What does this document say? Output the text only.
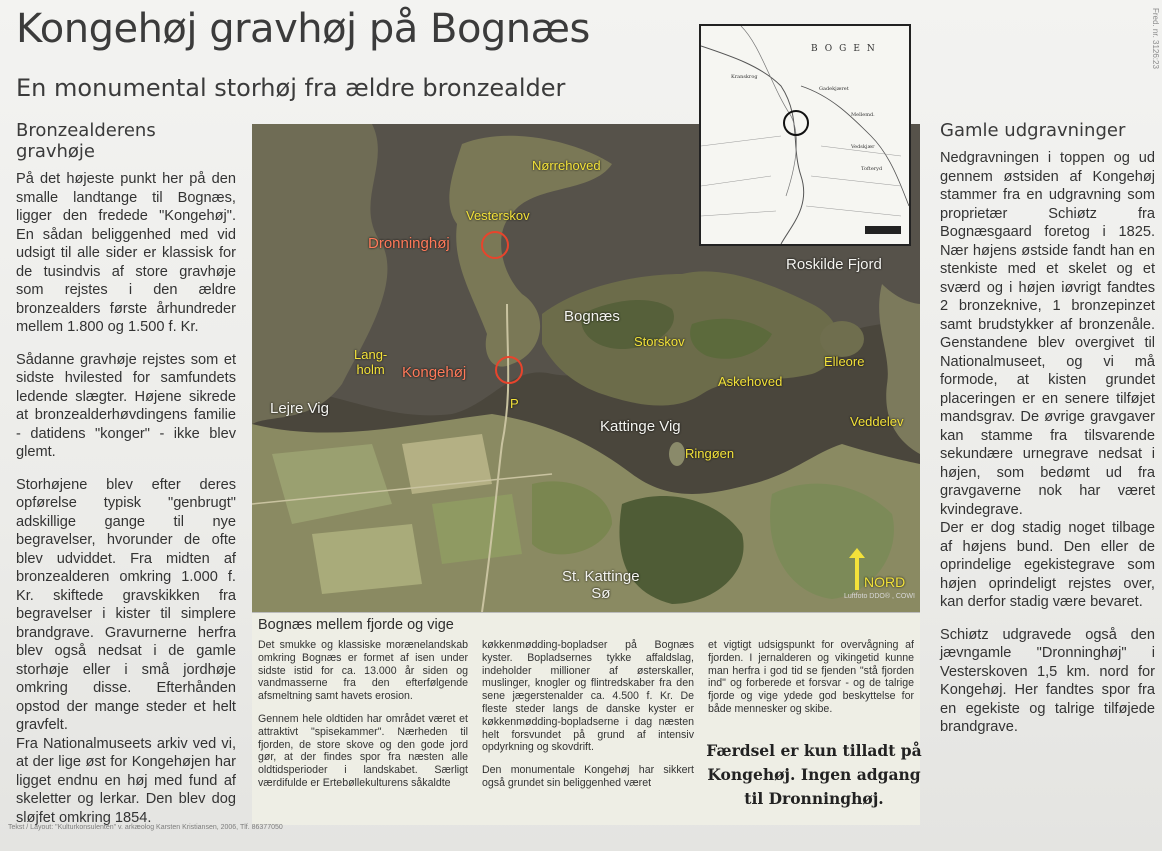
Kongehøj gravhøj på Bognæs
En monumental storhøj fra ældre bronzealder
Fred. nr. 3126:23
Bronzealderens gravhøje

På det højeste punkt her på den smalle landtange til Bognæs, ligger den fredede "Kongehøj". En sådan beliggenhed med vid udsigt til alle sider er klassisk for de tusindvis af store gravhøje som rejstes i den ældre bronzealders første århundreder mellem 1.800 og 1.500 f. Kr.

Sådanne gravhøje rejstes som et sidste hvilested for samfundets ledende slægter. Højene sikrede at bronzealderhøvdingens familie - datidens "konger" - ikke blev glemt.

Storhøjene blev efter deres opførelse typisk "genbrugt" adskillige gange til nye begravelser, hvorunder de ofte blev udviddet. Fra midten af bronzealderen omkring 1.000 f. Kr. skiftede gravskikken fra begravelser i kister til simplere brandgrave. Gravurnerne herfra blev også nedsat i de gamle storhøje eller i små jordhøje omkring disse. Efterhånden opstod der mange steder et helt gravfelt.

Fra Nationalmuseets arkiv ved vi, at der lige øst for Kongehøjen har ligget endnu en høj med fund af skeletter og lerkar. Den blev dog sløjfet omkring 1854.

Nørrehoved
Vesterskov
Dronninghøj
Roskilde Fjord
Bognæs
Storskov
Lang-
holm Kongehøj
Elleore
Askehoved
Lejre Vig	P
Kattinge Vig	Veddelev
Ringøen
St. Kattinge
Sø
NORD
Luftfoto DDO® , COWI
BOGEN
Kranskrog
Gadekjæret
Mellemd.
Vedskjær
Tofteryd
Gamle udgravninger

Nedgravningen i toppen og ud gennem østsiden af Kongehøj stammer fra en udgravning som proprietær Schiøtz fra Bognæsgaard foretog i 1825. Nær højens østside fandt han en stenkiste med et skelet og et sværd og i højen iøvrigt fandtes 2 bronzeknive, 1 bronzepinzet samt brudstykker af bronzenåle. Genstandene blev overgivet til Nationalmuseet, og vi må formode, at kisten grundet placeringen er en senere tilføjet mandsgrav. De øvrige gravgaver kan stamme fra tilsvarende sekundære urnegrave nedsat i højen, som bedømt ud fra gravgaverne nok har været kvindegrave.

Der er dog stadig noget tilbage af højens bund. Den eller de oprindelige egekistegrave som højen oprindeligt rejstes over, kan derfor stadig være bevaret.

Schiøtz udgravede også den jævngamle "Dronninghøj" i Vesterskoven 1,5 km. nord for Kongehøj. Her fandtes spor fra en egekiste og talrige tilføjede brandgrave.

Bognæs mellem fjorde og vige

Det smukke og klassiske morænelandskab omkring Bognæs er formet af isen under sidste istid for ca. 13.000 år siden og vandmasserne fra den efterfølgende afsmeltning samt havets erosion.

Gennem hele oldtiden har området været et attraktivt "spisekammer". Nærheden til fjorden, de store skove og den gode jord gør, at der findes spor fra næsten alle oldtidsperioder i landskabet. Særligt værdifulde er Ertebøllekulturens såkaldte

køkkenmødding-bopladser på Bognæs kyster. Bopladsernes tykke affaldslag, indeholder millioner af østerskaller, muslinger, knogler og flintredskaber fra den sene jægerstenalder ca. 4.500 f. Kr. De fleste steder langs de danske kyster er køkkenmødding-bopladserne i dag næsten helt forsvundet på grund af intensiv opdyrkning og skovdrift.

Den monumentale Kongehøj har sikkert også grundet sin beliggenhed været

et vigtigt udsigspunkt for overvågning af fjorden. I jernalderen og vikingetid kunne man herfra i god tid se fjenden "stå fjorden ind" og forberede et forsvar - og de talrige fjorde og vige ydede god beskyttelse for både mennesker og skibe.

Færdsel er kun tilladt på Kongehøj. Ingen adgang til Dronninghøj.
Tekst / Layout: "Kulturkonsulenten" v. arkæolog Karsten Kristiansen, 2006, Tlf. 86377050
